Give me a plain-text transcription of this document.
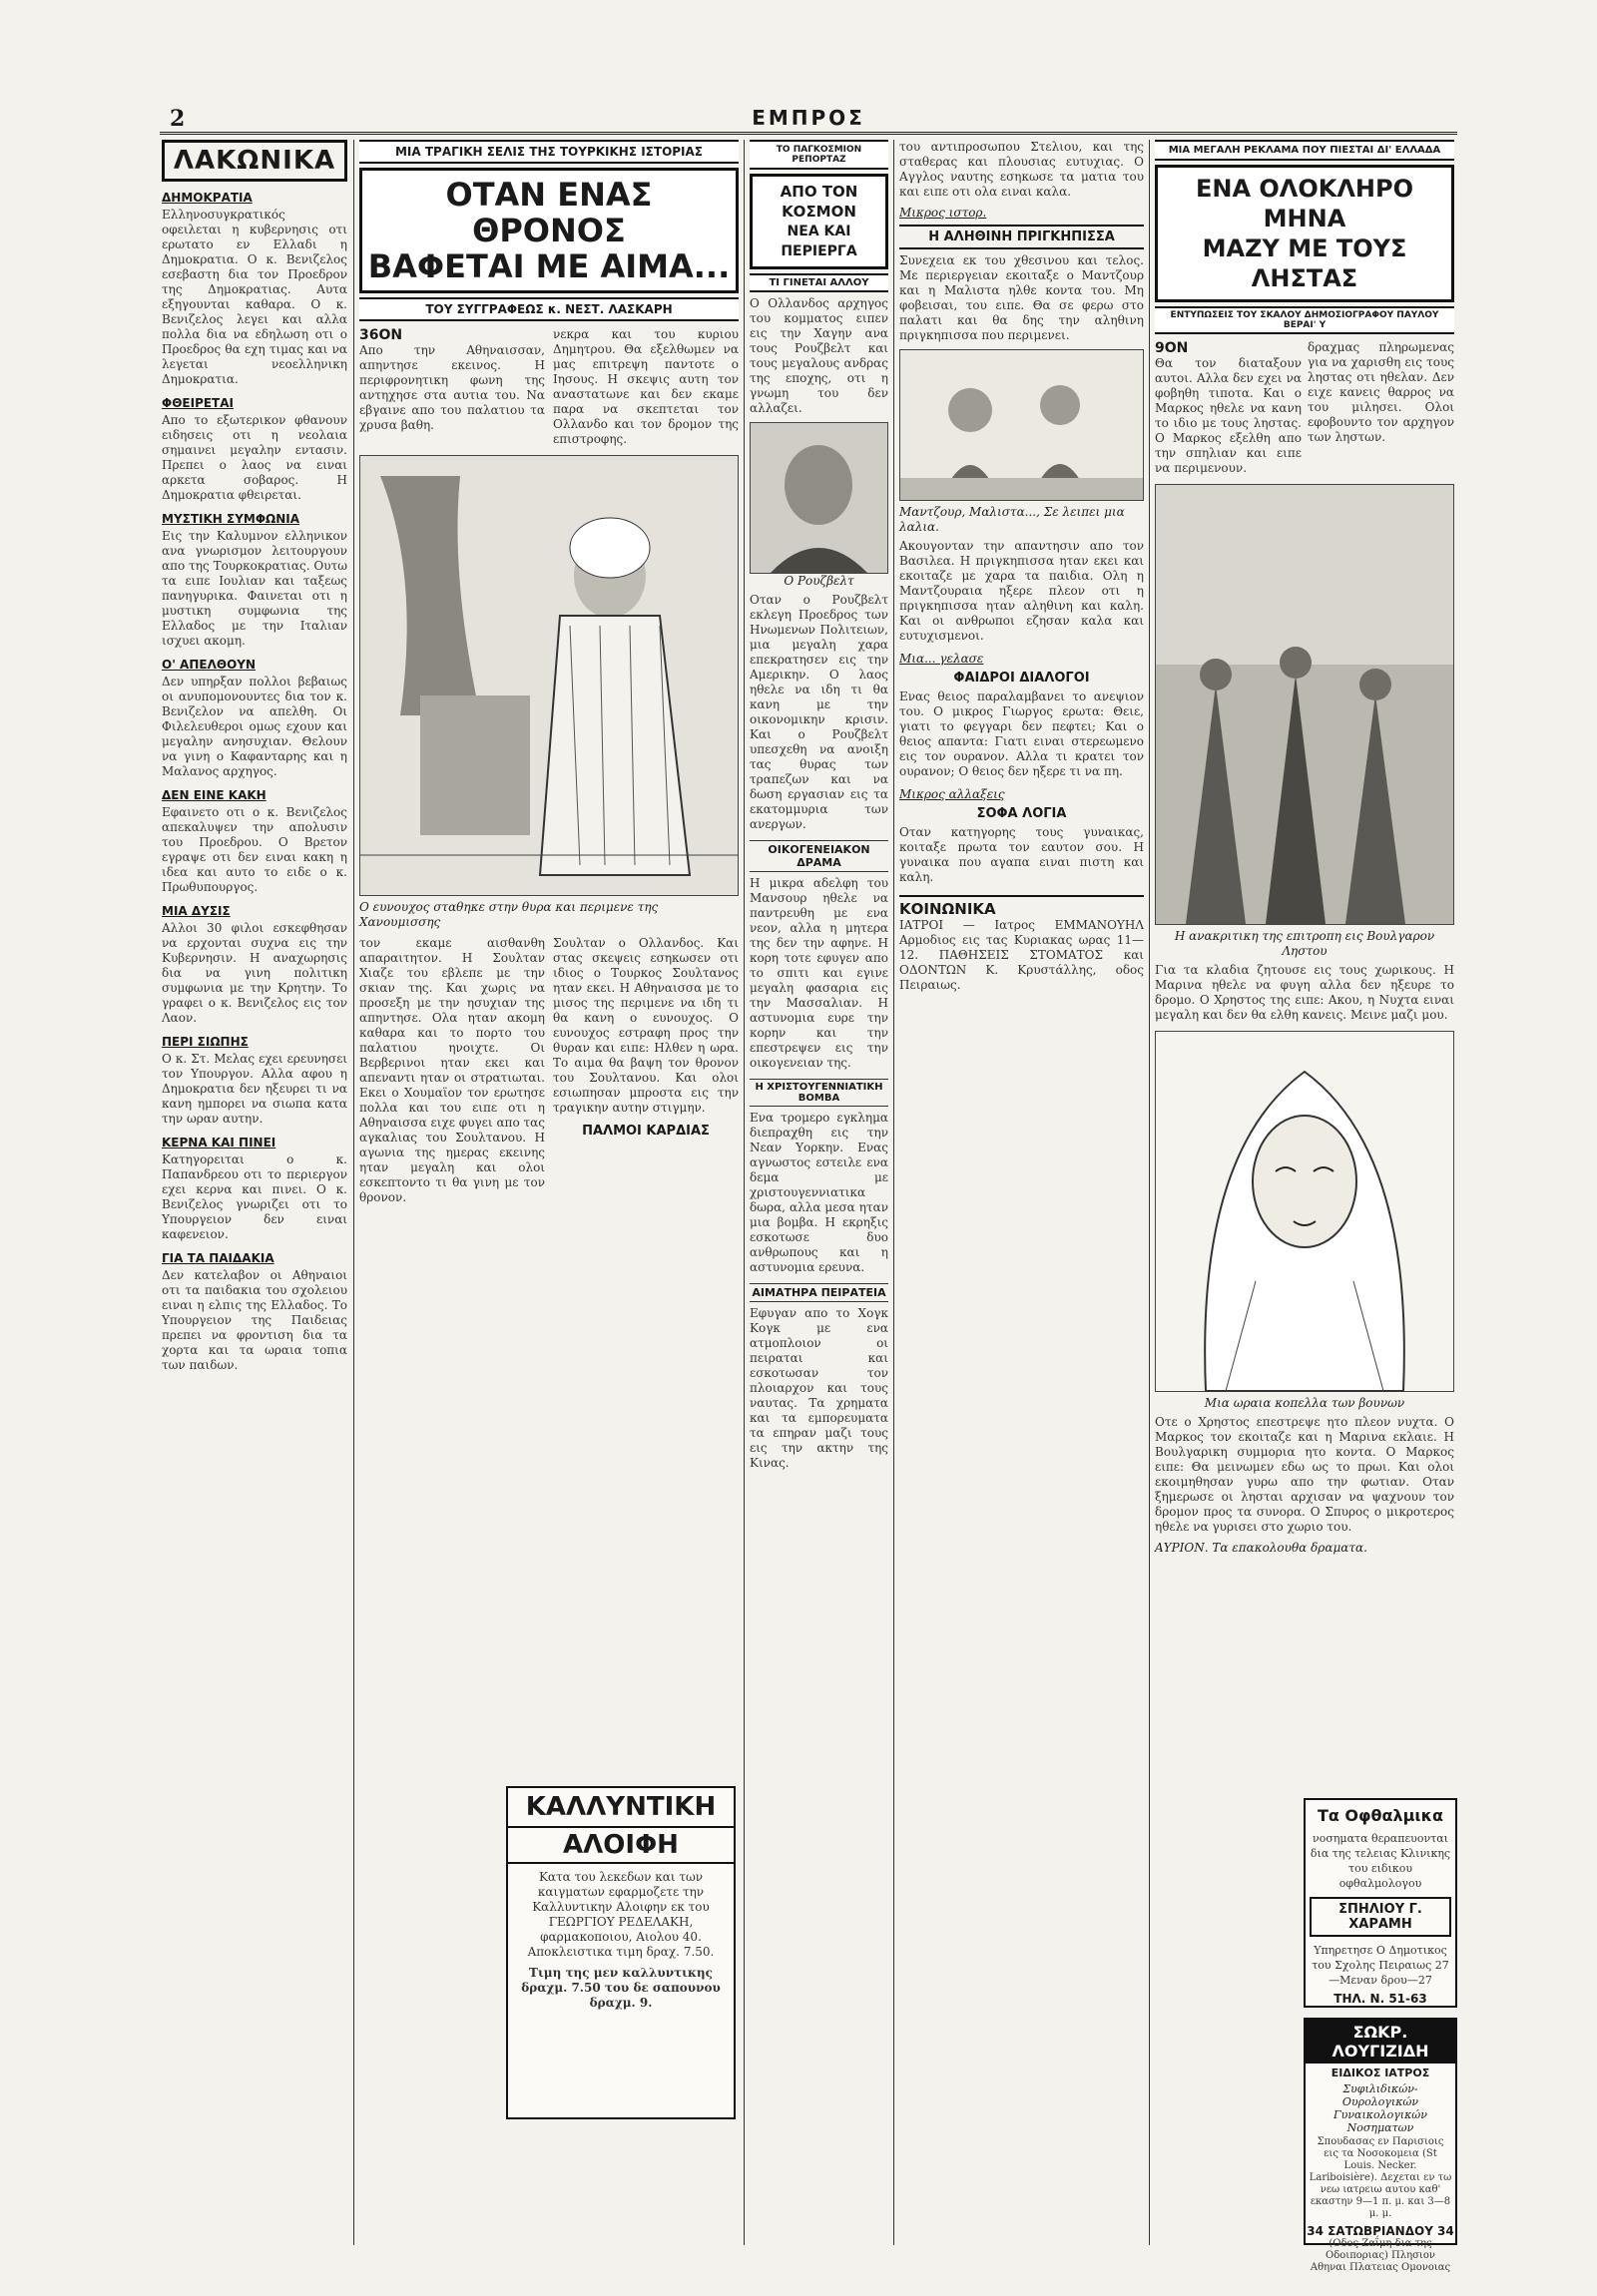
2	ΕΜΠΡΟΣ
ΛΑΚΩΝΙΚΑ
ΔΗΜΟΚΡΑΤΙΑ
Ελληνοσυγκρατικός οφειλεται η κυβερνησις οτι ερωτατο εν Ελλαδι η Δημοκρατια. Ο κ. Βενιζελος εσεβαστη δια τον Προεδρον της Δημοκρατιας. Αυτα εξηγουνται καθαρα. Ο κ. Βενιζελος λεγει και αλλα πολλα δια να εδηλωση οτι ο Προεδρος θα εχη τιμας και να λεγεται νεοελληνικη Δημοκρατια.
ΦΘΕΙΡΕΤΑΙ
Απο το εξωτερικον φθανουν ειδησεις οτι η νεολαια σημαινει μεγαλην εντασιν. Πρεπει ο λαος να ειναι αρκετα σοβαρος. Η Δημοκρατια φθειρεται.
ΜΥΣΤΙΚΗ ΣΥΜΦΩΝΙΑ
Εις την Καλυμνον ελληνικον ανα γνωρισμον λειτουργουν απο της Τουρκοκρατιας. Ουτω τα ειπε Ιουλιαν και ταξεως πανηγυρικα. Φαινεται οτι η μυστικη συμφωνια της Ελλαδος με την Ιταλιαν ισχυει ακομη.
Ο' ΑΠΕΛΘΟΥΝ
Δεν υπηρξαν πολλοι βεβαιως οι ανυπομονουντες δια τον κ. Βενιζελον να απελθη. Οι Φιλελευθεροι ομως εχουν και μεγαλην ανησυχιαν. Θελουν να γινη ο Καφανταρης και η Μαλανος αρχηγος.
ΔΕΝ ΕΙΝΕ ΚΑΚΗ
Εφαινετο οτι ο κ. Βενιζελος απεκαλυψεν την απολυσιν του Προεδρου. Ο Βρετον εγραψε οτι δεν ειναι κακη η ιδεα και αυτο το ειδε ο κ. Πρωθυπουργος.
ΜΙΑ ΔΥΣΙΣ
Αλλοι 30 φιλοι εσκεφθησαν να ερχονται συχνα εις την Κυβερνησιν. Η αναχωρησις δια να γινη πολιτικη συμφωνια με την Κρητην. Το γραφει ο κ. Βενιζελος εις τον Λαον.
ΠΕΡΙ ΣΙΩΠΗΣ
Ο κ. Στ. Μελας εχει ερευνησει τον Υπουργον. Αλλα αφου η Δημοκρατια δεν ηξευρει τι να κανη ημπορει να σιωπα κατα την ωραν αυτην.
ΚΕΡΝΑ ΚΑΙ ΠΙΝΕΙ
Κατηγορειται ο κ. Παπανδρεου οτι το περιεργον εχει κερνα και πινει. Ο κ. Βενιζελος γνωριζει οτι το Υπουργειον δεν ειναι καφενειον.
ΓΙΑ ΤΑ ΠΑΙΔΑΚΙΑ
Δεν κατελαβον οι Αθηναιοι οτι τα παιδακια του σχολειου ειναι η ελπις της Ελλαδος. Το Υπουργειον της Παιδειας πρεπει να φροντιση δια τα χορτα και τα ωραια τοπια των παιδων.
ΜΙΑ ΤΡΑΓΙΚΗ ΣΕΛΙΣ ΤΗΣ ΤΟΥΡΚΙΚΗΣ ΙΣΤΟΡΙΑΣ
ΟΤΑΝ ΕΝΑΣ ΘΡΟΝΟΣ
ΒΑΦΕΤΑΙ ΜΕ ΑΙΜΑ...
ΤΟΥ ΣΥΓΓΡΑΦΕΩΣ κ. ΝΕΣΤ. ΛΑΣΚΑΡΗ
36ΟΝ
Απο την Αθηναισσαν, απηντησε εκεινος. Η περιφρονητικη φωνη της αντηχησε στα αυτια του. Να εβγαινε απο του παλατιου τα χρυσα βαθη.
νεκρα και του κυριου Δημητρου. Θα εξελθωμεν να μας επιτρεψη παντοτε ο Ιησους. Η σκεψις αυτη τον αναστατωνε και δεν εκαμε παρα να σκεπτεται τον Ολλανδο και τον δρομον της επιστροφης.
Ο ευνουχος σταθηκε στην θυρα και περιμενε της Χανουμισσης
τον εκαμε αισθανθη απαραιτητον. Η Σουλταν Χιαζε του εβλεπε με την σκιαν της. Και χωρις να προσεξη με την ησυχιαν της απηντησε. Ολα ηταν ακομη καθαρα και το πορτο του παλατιου ηνοιχτε. Οι Βερβερινοι ηταν εκει και απεναντι ηταν οι στρατιωται. Εκει ο Χουμαϊον τον ερωτησε πολλα και του ειπε οτι η Αθηναισσα ειχε φυγει απο τας αγκαλιας του Σουλτανου. Η αγωνια της ημερας εκεινης ηταν μεγαλη και ολοι εσκεπτοντο τι θα γινη με τον θρονον.
Σουλταν ο Ολλανδος. Και στας σκεψεις εσηκωσεν οτι ιδιος ο Τουρκος Σουλτανος ηταν εκει. Η Αθηναισσα με το μισος της περιμενε να ιδη τι θα κανη ο ευνουχος. Ο ευνουχος εστραφη προς την θυραν και ειπε: Ηλθεν η ωρα. Το αιμα θα βαψη τον θρονον του Σουλτανου. Και ολοι εσιωπησαν μπροστα εις την τραγικην αυτην στιγμην.
ΠΑΛΜΟΙ ΚΑΡΔΙΑΣ
ΤΟ ΠΑΓΚΟΣΜΙΟΝ ΡΕΠΟΡΤΑΖ
ΑΠΟ ΤΟΝ ΚΟΣΜΟΝ
ΝΕΑ ΚΑΙ ΠΕΡΙΕΡΓΑ
ΤΙ ΓΙΝΕΤΑΙ ΑΛΛΟΥ
Ο Ολλανδος αρχηγος του κομματος ειπεν εις την Χαγην ανα τους Ρουζβελτ και τους μεγαλους ανδρας της εποχης, οτι η γνωμη του δεν αλλαζει.
Ο Ρουζβελτ
Οταν ο Ρουζβελτ εκλεγη Προεδρος των Ηνωμενων Πολιτειων, μια μεγαλη χαρα επεκρατησεν εις την Αμερικην. Ο λαος ηθελε να ιδη τι θα κανη με την οικονομικην κρισιν. Και ο Ρουζβελτ υπεσχεθη να ανοιξη τας θυρας των τραπεζων και να δωση εργασιαν εις τα εκατομμυρια των ανεργων.
ΟΙΚΟΓΕΝΕΙΑΚΟΝ ΔΡΑΜΑ
Η μικρα αδελφη του Μανσουρ ηθελε να παντρευθη με ενα νεον, αλλα η μητερα της δεν την αφηνε. Η κορη τοτε εφυγεν απο το σπιτι και εγινε μεγαλη φασαρια εις την Μασσαλιαν. Η αστυνομια ευρε την κορην και την επεστρεψεν εις την οικογενειαν της.
Η ΧΡΙΣΤΟΥΓΕΝΝΙΑΤΙΚΗ ΒΟΜΒΑ
Ενα τρομερο εγκλημα διεπραχθη εις την Νεαν Υορκην. Ενας αγνωστος εστειλε ενα δεμα με χριστουγεννιατικα δωρα, αλλα μεσα ηταν μια βομβα. Η εκρηξις εσκοτωσε δυο ανθρωπους και η αστυνομια ερευνα.
ΑΙΜΑΤΗΡΑ ΠΕΙΡΑΤΕΙΑ
Εφυγαν απο το Χογκ Κογκ με ενα ατμοπλοιον οι πειραται και εσκοτωσαν τον πλοιαρχον και τους ναυτας. Τα χρηματα και τα εμπορευματα τα επηραν μαζι τους εις την ακτην της Κινας.
του αντιπροσωπου Στελιου, και της σταθερας και πλουσιας ευτυχιας. Ο Αγγλος ναυτης εσηκωσε τα ματια του και ειπε οτι ολα ειναι καλα.
Μικρος ιστορ.
Η ΑΛΗΘΙΝΗ ΠΡΙΓΚΗΠΙΣΣΑ
Συνεχεια εκ του χθεσινου και τελος. Με περιεργειαν εκοιταξε ο Μαντζουρ και η Μαλιστα ηλθε κοντα του. Μη φοβεισαι, του ειπε. Θα σε φερω στο παλατι και θα δης την αληθινη πριγκηπισσα που περιμενει.
Μαντζουρ, Μαλιστα..., Σε λειπει μια λαλια.
Ακουγονταν την απαντησιν απο τον Βασιλεα. Η πριγκηπισσα ηταν εκει και εκοιταζε με χαρα τα παιδια. Ολη η Μαντζουραια ηξερε πλεον οτι η πριγκηπισσα ηταν αληθινη και καλη. Και οι ανθρωποι εζησαν καλα και ευτυχισμενοι.
Μια... γελασε
ΦΑΙΔΡΟΙ ΔΙΑΛΟΓΟΙ
Ενας θειος παραλαμβανει το ανεψιον του. Ο μικρος Γιωργος ερωτα: Θειε, γιατι το φεγγαρι δεν πεφτει; Και ο θειος απαντα: Γιατι ειναι στερεωμενο εις τον ουρανον. Αλλα τι κρατει τον ουρανον; Ο θειος δεν ηξερε τι να πη.
Μικρος αλλαξεις
ΣΟΦΑ ΛΟΓΙΑ
Οταν κατηγορης τους γυναικας, κοιταξε πρωτα τον εαυτον σου. Η γυναικα που αγαπα ειναι πιστη και καλη.
ΚΟΙΝΩΝΙΚΑ
ΙΑΤΡΟΙ — Ιατρος ΕΜΜΑΝΟΥΗΛ Αρμοδιος εις τας Κυριακας ωρας 11—12. ΠΑΘΗΣΕΙΣ ΣΤΟΜΑΤΟΣ και ΟΔΟΝΤΩΝ Κ. Κρυστάλλης, οδος Πειραιως.
ΜΙΑ ΜΕΓΑΛΗ ΡΕΚΛΑΜΑ ΠΟΥ ΠΙΕΣΤΑΙ ΔΙ' ΕΛΛΑΔΑ
ΕΝΑ ΟΛΟΚΛΗΡΟ ΜΗΝΑ
ΜΑΖΥ ΜΕ ΤΟΥΣ ΛΗΣΤΑΣ
ΕΝΤΥΠΩΣΕΙΣ ΤΟΥ ΣΚΑΛΟΥ ΔΗΜΟΣΙΟΓΡΑΦΟΥ ΠΑΥΛΟΥ ΒΕΡΑΙ' Υ
9ΟΝ
Θα τον διαταξουν αυτοι. Αλλα δεν εχει να φοβηθη τιποτα. Και ο Μαρκος ηθελε να κανη το ιδιο με τους ληστας. Ο Μαρκος εξελθη απο την σπηλιαν και ειπε να περιμενουν.
δραχμας πληρωμενας για να χαρισθη εις τους ληστας οτι ηθελαν. Δεν ειχε κανεις θαρρος να του μιλησει. Ολοι εφοβουντο τον αρχηγον των ληστων.
Η ανακριτικη της επιτροπη εις Βουλγαρον Ληστου
Για τα κλαδια ζητουσε εις τους χωρικους. Η Μαρινα ηθελε να φυγη αλλα δεν ηξευρε το δρομο. Ο Χρηστος της ειπε: Ακου, η Νυχτα ειναι μεγαλη και δεν θα ελθη κανεις. Μεινε μαζι μου.
Μια ωραια κοπελλα των βουνων
Οτε ο Χρηστος επεστρεψε ητο πλεον νυχτα. Ο Μαρκος τον εκοιταζε και η Μαρινα εκλαιε. Η Βουλγαρικη συμμορια ητο κοντα. Ο Μαρκος ειπε: Θα μεινωμεν εδω ως το πρωι. Και ολοι εκοιμηθησαν γυρω απο την φωτιαν. Οταν ξημερωσε οι λησται αρχισαν να ψαχνουν τον δρομον προς τα συνορα. Ο Σπυρος ο μικροτερος ηθελε να γυρισει στο χωριο του.
ΑΥΡΙΟΝ. Τα επακολουθα δραματα.
ΚΑΛΛΥΝΤΙΚΗ
ΑΛΟΙΦΗ
Κατα του λεκεδων και των καιγματων εφαρμοζετε την Καλλυντικην Αλοιφην εκ του ΓΕΩΡΓΙΟΥ ΡΕΔΕΛΑΚΗ, φαρμακοποιου, Αιολου 40. Αποκλειστικα τιμη δραχ. 7.50.
Τιμη της μεν καλλυντικης δραχμ. 7.50 του δε σαπουνου δραχμ. 9.
Τα Οφθαλμικα
νοσηματα θεραπευονται δια της τελειας Κλινικης του ειδικου οφθαλμολογου
ΣΠΗΛΙΟΥ Γ. ΧΑΡΑΜΗ
Υπηρετησε Ο Δημοτικος του Σχολης Πειραιως 27—Μεναν δρου—27
ΤΗΛ. Ν. 51-63
ΣΩΚΡ. ΛΟΥΓΙΖΙΔΗ
ΕΙΔΙΚΟΣ ΙΑΤΡΟΣ
Συφιλιδικών-Ουρολογικών Γυναικολογικών Νοσηματων
Σπουδασας εν Παρισιοις εις τα Νοσοκομεια (St Louis. Necker. Lariboisière). Δεχεται εν τω νεω ιατρειω αυτου καθ' εκαστην 9—1 π. μ. και 3—8 μ. μ.
34 ΣΑΤΩΒΡΙΑΝΔΟΥ 34
(Οδος Ζαΐμη δια της Οδοιποριας) Πλησιον Αθηναι Πλατειας Ομονοιας
